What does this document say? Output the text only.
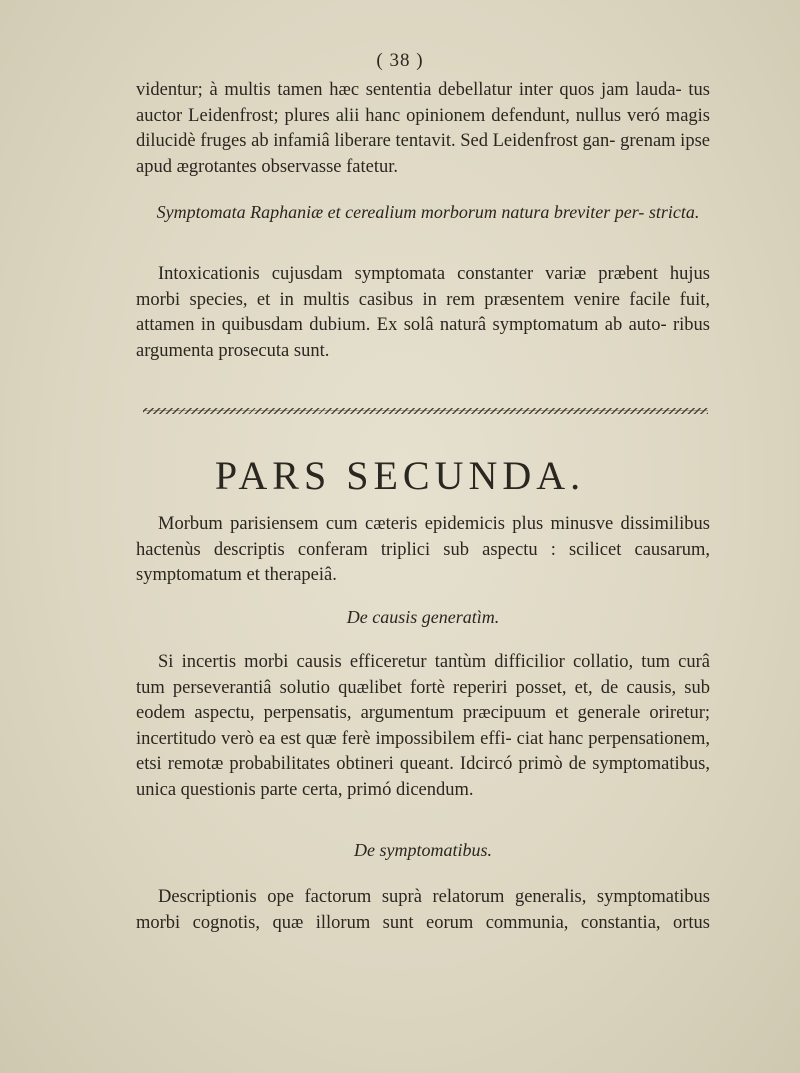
( 38 )

videntur; à multis tamen hæc sententia debellatur inter quos jam lauda- tus auctor Leidenfrost; plures alii hanc opinionem defendunt, nullus veró magis dilucidè fruges ab infamiâ liberare tentavit. Sed Leidenfrost gan- grenam ipse apud ægrotantes observasse fatetur.

Symptomata Raphaniæ et cerealium morborum natura breviter per- stricta.

Intoxicationis cujusdam symptomata constanter variæ præbent hujus morbi species, et in multis casibus in rem præsentem venire facile fuit, attamen in quibusdam dubium. Ex solâ naturâ symptomatum ab auto- ribus argumenta prosecuta sunt.

PARS SECUNDA.

Morbum parisiensem cum cæteris epidemicis plus minusve dissimilibus hactenùs descriptis conferam triplici sub aspectu : scilicet causarum, symptomatum et therapeiâ.

De causis generatìm.

Si incertis morbi causis efficeretur tantùm difficilior collatio, tum curâ tum perseverantiâ solutio quælibet fortè reperiri posset, et, de causis, sub eodem aspectu, perpensatis, argumentum præcipuum et generale oriretur; incertitudo verò ea est quæ ferè impossibilem effi- ciat hanc perpensationem, etsi remotæ probabilitates obtineri queant. Idcircó primò de symptomatibus, unica questionis parte certa, primó dicendum.

De symptomatibus.

Descriptionis ope factorum suprà relatorum generalis, symptomatibus morbi cognotis, quæ illorum sunt eorum communia, constantia, ortus
